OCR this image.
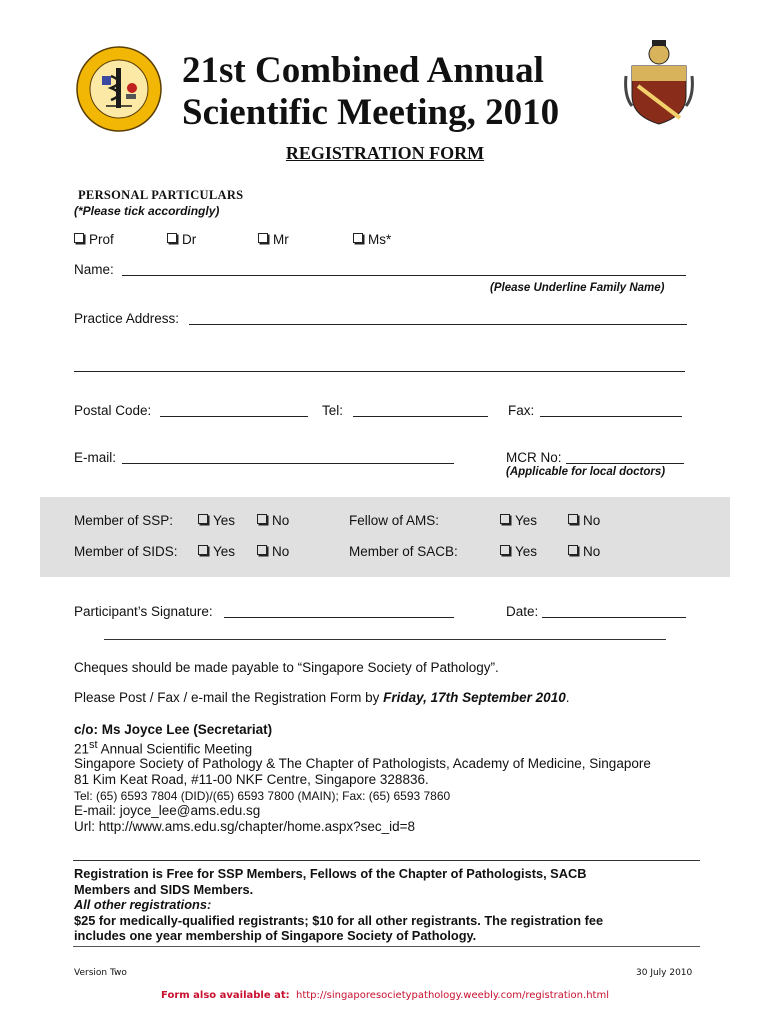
21st Combined Annual
Scientific Meeting, 2010
REGISTRATION FORM
PERSONAL PARTICULARS
(*Please tick accordingly)
Prof	Dr	Mr	Ms*
Name:
(Please Underline Family Name)
Practice Address:
Postal Code:	Tel:	Fax:
E-mail:	MCR No:
(Applicable for local doctors)
Member of SSP:	Yes	No	Fellow of AMS:	Yes	No
Member of SIDS:	Yes	No	Member of SACB:	Yes	No
Participant’s Signature:	Date:
Cheques should be made payable to “Singapore Society of Pathology”.
Please Post / Fax / e-mail the Registration Form by Friday, 17th September 2010.
c/o: Ms Joyce Lee (Secretariat)
21st Annual Scientific Meeting
Singapore Society of Pathology & The Chapter of Pathologists, Academy of Medicine, Singapore
81 Kim Keat Road, #11-00 NKF Centre, Singapore 328836.
Tel: (65) 6593 7804 (DID)/(65) 6593 7800 (MAIN); Fax: (65) 6593 7860
E-mail: joyce_lee@ams.edu.sg
Url: http://www.ams.edu.sg/chapter/home.aspx?sec_id=8
Registration is Free for SSP Members, Fellows of the Chapter of Pathologists, SACB
Members and SIDS Members.
All other registrations:
$25 for medically-qualified registrants; $10 for all other registrants. The registration fee
includes one year membership of Singapore Society of Pathology.
Version Two	30 July 2010
Form also available at: http://singaporesocietypathology.weebly.com/registration.html
